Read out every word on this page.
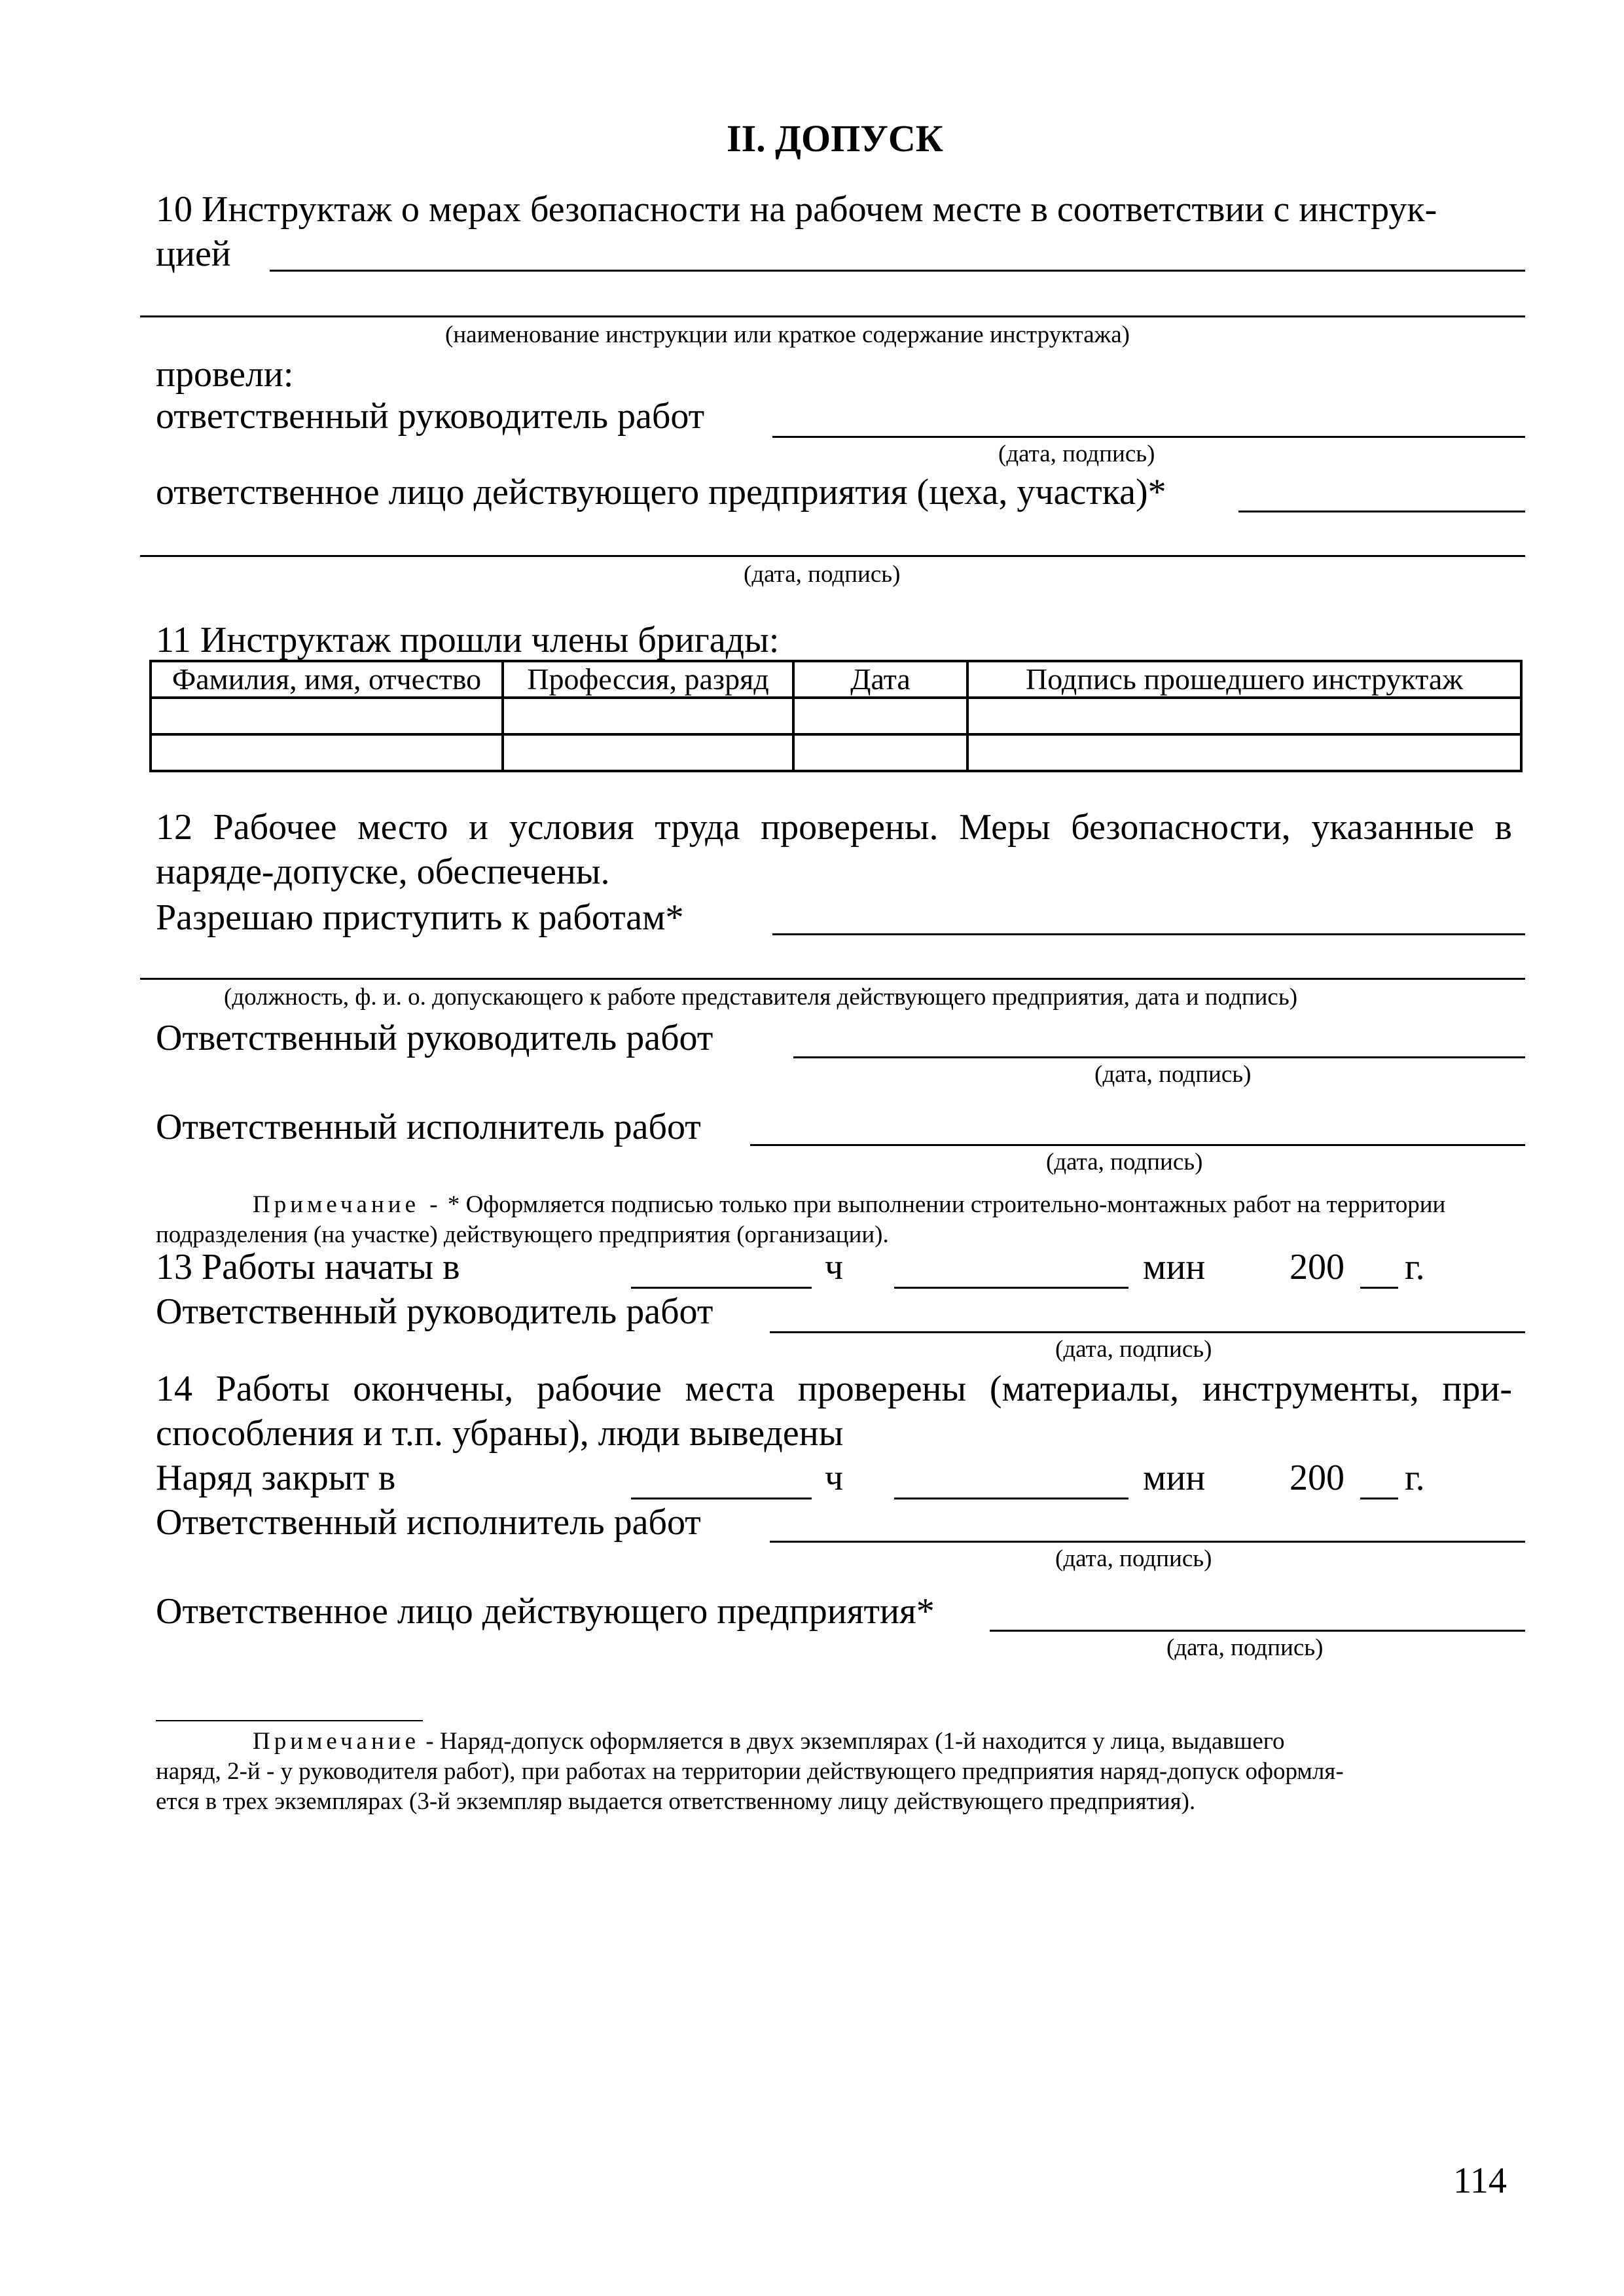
II. ДОПУСК
10 Инструктаж о мерах безопасности на рабочем месте в соответствии с инструк-
цией
(наименование инструкции или краткое содержание инструктажа)
провели:
ответственный руководитель работ
(дата, подпись)
ответственное лицо действующего предприятия (цеха, участка)*
(дата, подпись)
11 Инструктаж прошли члены бригады:
Фамилия, имя, отчество	Профессия, разряд	Дата	Подпись прошедшего инструктаж

12 Рабочее место и условия труда проверены. Меры безопасности, указанные в
наряде-допуске, обеспечены.
Разрешаю приступить к работам*
(должность, ф. и. о. допускающего к работе представителя действующего предприятия, дата и подпись)
Ответственный руководитель работ
(дата, подпись)
Ответственный исполнитель работ
(дата, подпись)
Примечание - * Оформляется подписью только при выполнении строительно-монтажных работ на территории
подразделения (на участке) действующего предприятия (организации).
13 Работы начаты в	ч	мин 200 г.
Ответственный руководитель работ
(дата, подпись)
14 Работы окончены, рабочие места проверены (материалы, инструменты, при-
способления и т.п. убраны), люди выведены
Наряд закрыт в	ч	мин 200 г.
Ответственный исполнитель работ
(дата, подпись)
Ответственное лицо действующего предприятия*
(дата, подпись)
Примечание - Наряд-допуск оформляется в двух экземплярах (1-й находится у лица, выдавшего
наряд, 2-й - у руководителя работ), при работах на территории действующего предприятия наряд-допуск оформля-
ется в трех экземплярах (3-й экземпляр выдается ответственному лицу действующего предприятия).
114
